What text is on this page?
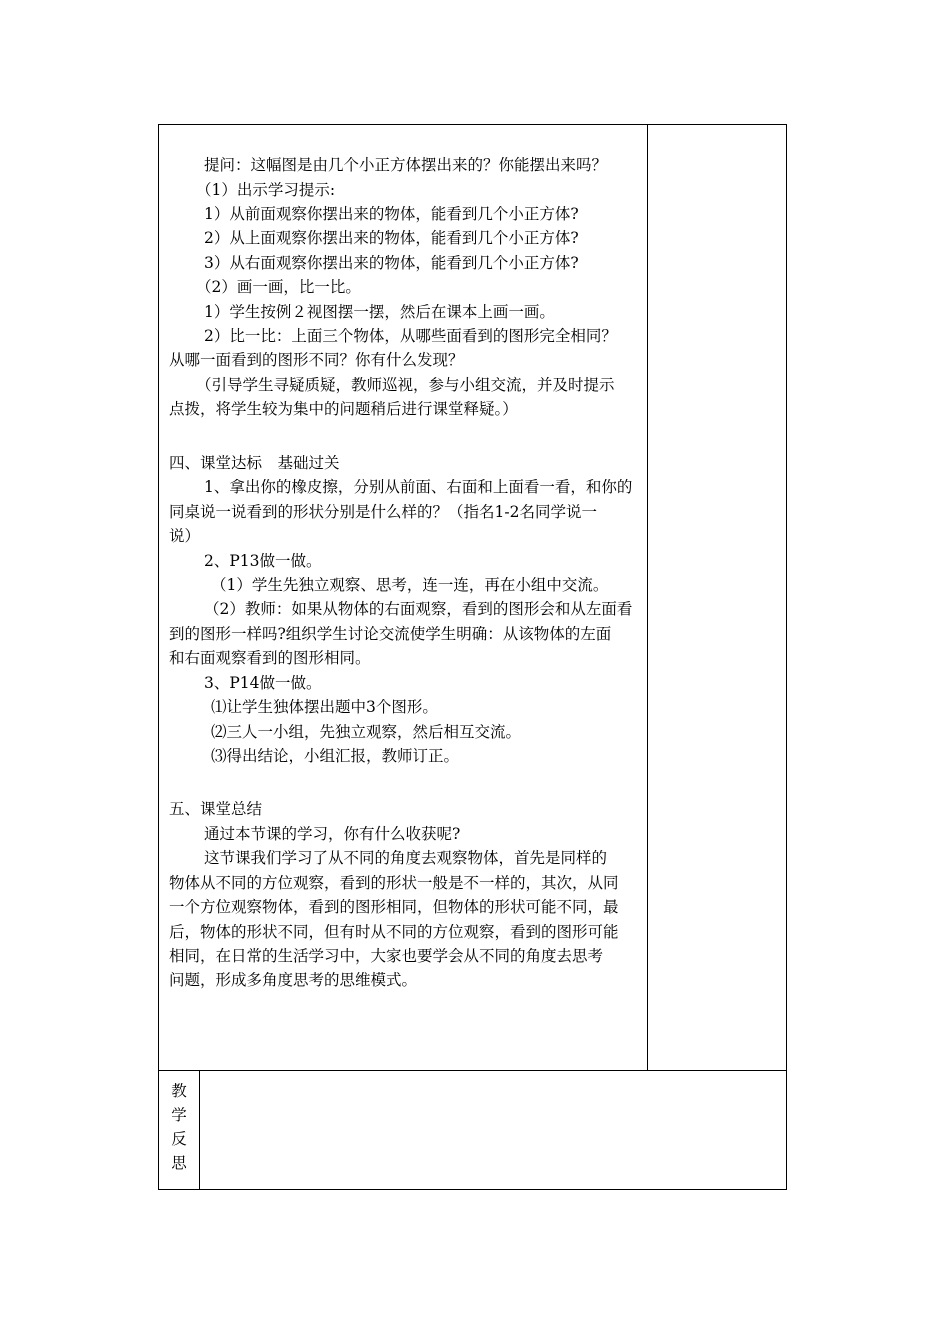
提问：这幅图是由几个小正方体摆出来的？你能摆出来吗？
（1）出示学习提示:
1）从前面观察你摆出来的物体，能看到几个小正方体?
2）从上面观察你摆出来的物体，能看到几个小正方体?
3）从右面观察你摆出来的物体，能看到几个小正方体?
（2）画一画，比一比。
1）学生按例２视图摆一摆，然后在课本上画一画。
2）比一比：上面三个物体，从哪些面看到的图形完全相同？
从哪一面看到的图形不同？你有什么发现？
（引导学生寻疑质疑，教师巡视，参与小组交流，并及时提示
点拨，将学生较为集中的问题稍后进行课堂释疑。）
四、课堂达标　基础过关
1、拿出你的橡皮擦，分别从前面、右面和上面看一看，和你的
同桌说一说看到的形状分别是什么样的？（指名1-2名同学说一
说）
2、P13做一做。
（1）学生先独立观察、思考，连一连，再在小组中交流。
（2）教师：如果从物体的右面观察，看到的图形会和从左面看
到的图形一样吗?组织学生讨论交流使学生明确：从该物体的左面
和右面观察看到的图形相同。
3、P14做一做。
⑴让学生独体摆出题中3个图形。
⑵三人一小组，先独立观察，然后相互交流。
⑶得出结论，小组汇报，教师订正。
五、课堂总结
通过本节课的学习，你有什么收获呢?
这节课我们学习了从不同的角度去观察物体，首先是同样的
物体从不同的方位观察，看到的形状一般是不一样的，其次，从同
一个方位观察物体，看到的图形相同，但物体的形状可能不同，最
后，物体的形状不同，但有时从不同的方位观察，看到的图形可能
相同，在日常的生活学习中，大家也要学会从不同的角度去思考
问题，形成多角度思考的思维模式。
教
学
反
思
